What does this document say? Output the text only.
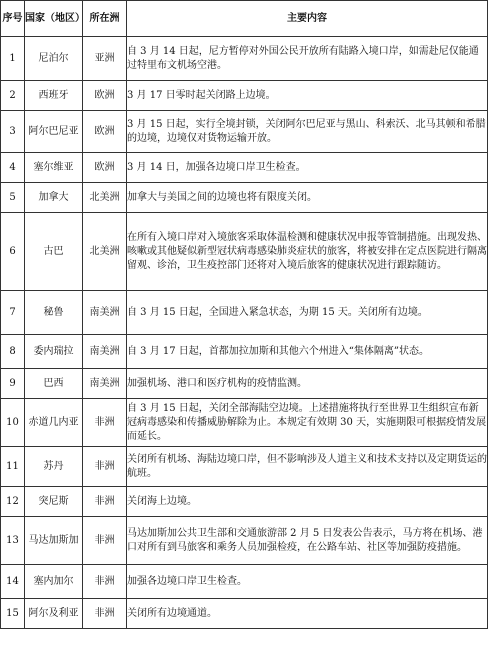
序号	国家（地区）	所在洲	主要内容

1	尼泊尔	亚洲	自 3 月 14 日起，尼方暂停对外国公民开放所有陆路入境口岸，如需赴尼仅能通过特里布文机场空港。

2	西班牙	欧洲	3 月 17 日零时起关闭路上边境。

3	阿尔巴尼亚	欧洲	3 月 15 日起，实行全境封锁，关闭阿尔巴尼亚与黑山、科索沃、北马其顿和希腊的边境，边境仅对货物运输开放。

4	塞尔维亚	欧洲	3 月 14 日，加强各边境口岸卫生检查。

5	加拿大	北美洲	加拿大与美国之间的边境也将有限度关闭。

6	古巴	北美洲	在所有入境口岸对入境旅客采取体温检测和健康状况申报等管制措施。出现发热、咳嗽或其他疑似新型冠状病毒感染肺炎症状的旅客，将被安排在定点医院进行隔离留观、诊治，卫生疫控部门还将对入境后旅客的健康状况进行跟踪随访。

7	秘鲁	南美洲	自 3 月 15 日起，全国进入紧急状态，为期 15 天。关闭所有边境。

8	委内瑞拉	南美洲	自 3 月 17 日起，首都加拉加斯和其他六个州进入“集体隔离”状态。

9	巴西	南美洲	加强机场、港口和医疗机构的疫情监测。

10	赤道几内亚	非洲	自 3 月 15 日起，关闭全部海陆空边境。上述措施将执行至世界卫生组织宣布新冠病毒感染和传播威胁解除为止。本规定有效期 30 天，实施期限可根据疫情发展而延长。

11	苏丹	非洲	关闭所有机场、海陆边境口岸，但不影响涉及人道主义和技术支持以及定期货运的航班。

12	突尼斯	非洲	关闭海上边境。

13	马达加斯加	非洲	马达加斯加公共卫生部和交通旅游部 2 月 5 日发表公告表示，马方将在机场、港口对所有到马旅客和乘务人员加强检疫，在公路车站、社区等加强防疫措施。

14	塞内加尔	非洲	加强各边境口岸卫生检查。

15	阿尔及利亚	非洲	关闭所有边境通道。
